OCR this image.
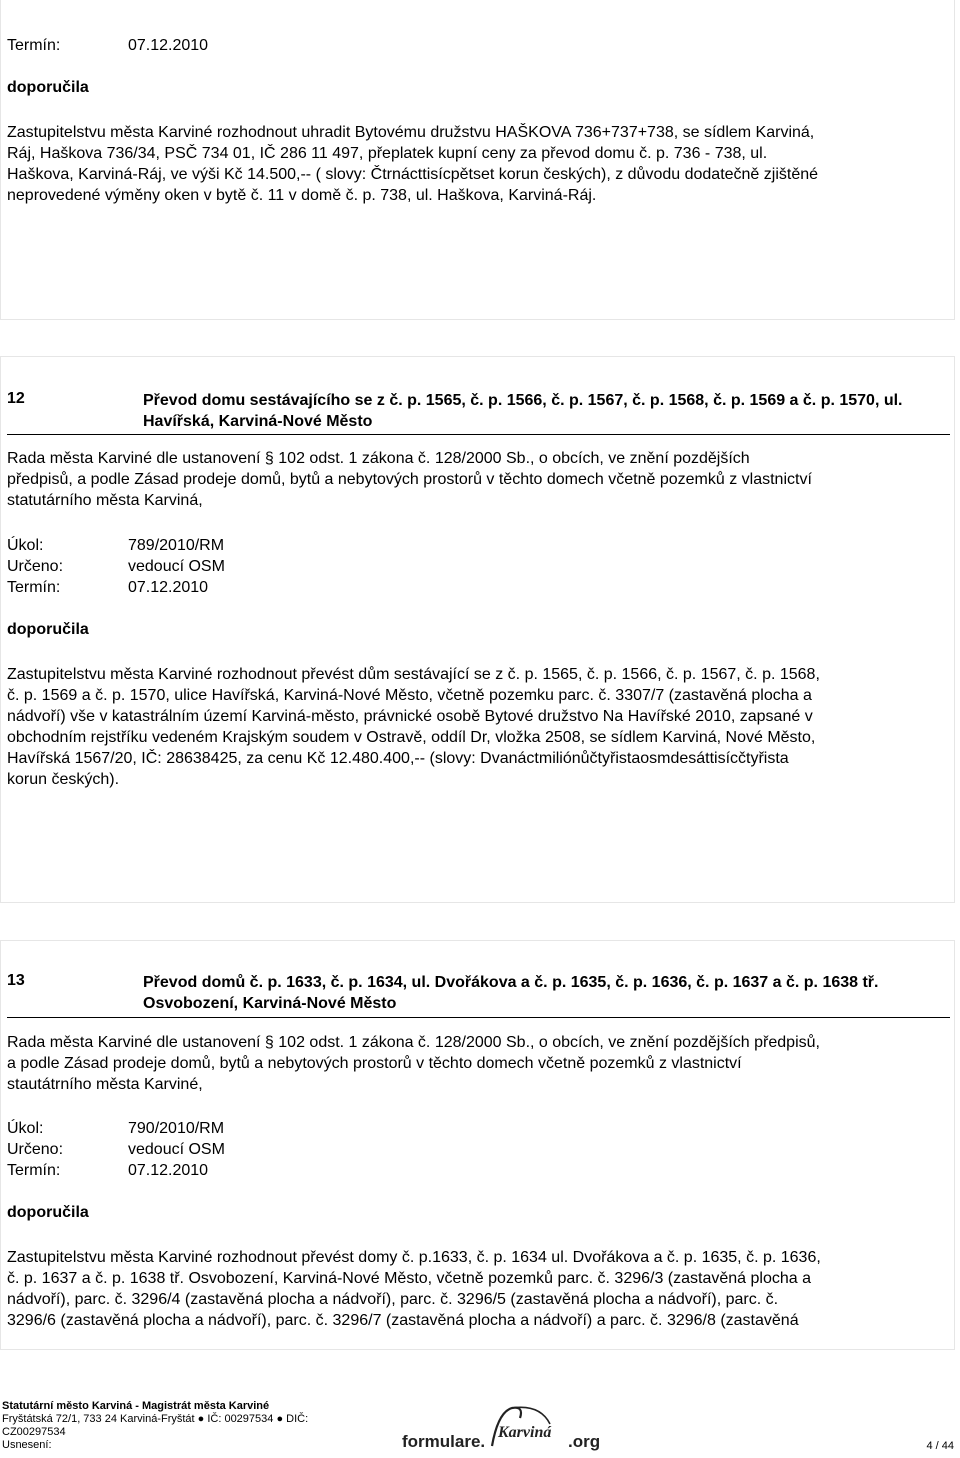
Termín:	07.12.2010
doporučila
Zastupitelstvu města Karviné rozhodnout uhradit Bytovému družstvu HAŠKOVA 736+737+738, se sídlem Karviná,
Ráj, Haškova 736/34, PSČ 734 01, IČ 286 11 497, přeplatek kupní ceny za převod domu č. p. 736 - 738, ul.
Haškova, Karviná-Ráj, ve výši Kč 14.500,-- ( slovy: Čtrnácttisícpětset korun českých), z důvodu dodatečně zjištěné
neprovedené výměny oken v bytě č. 11 v domě č. p. 738, ul. Haškova, Karviná-Ráj.
12	Převod domu sestávajícího se z č. p. 1565, č. p. 1566, č. p. 1567, č. p. 1568, č. p. 1569 a č. p. 1570, ul. Havířská, Karviná-Nové Město
Rada města Karviné dle ustanovení § 102 odst. 1 zákona č. 128/2000 Sb., o obcích, ve znění pozdějších
předpisů, a podle Zásad prodeje domů, bytů a nebytových prostorů v těchto domech včetně pozemků z vlastnictví
statutárního města Karviná,
Úkol:	789/2010/RM
Určeno:	vedoucí OSM
Termín:	07.12.2010
doporučila
Zastupitelstvu města Karviné rozhodnout převést dům sestávající se z č. p. 1565, č. p. 1566, č. p. 1567, č. p. 1568,
č. p. 1569 a č. p. 1570, ulice Havířská, Karviná-Nové Město, včetně pozemku parc. č. 3307/7 (zastavěná plocha a
nádvoří) vše v katastrálním území Karviná-město, právnické osobě Bytové družstvo Na Havířské 2010, zapsané v
obchodním rejstříku vedeném Krajským soudem v Ostravě, oddíl Dr, vložka 2508, se sídlem Karviná, Nové Město,
Havířská 1567/20, IČ: 28638425, za cenu Kč 12.480.400,-- (slovy: Dvanáctmiliónůčtyřistaosmdesáttisícčtyřista
korun českých).
13	Převod domů č. p. 1633, č. p. 1634, ul. Dvořákova a č. p. 1635, č. p. 1636, č. p. 1637 a č. p. 1638 tř. Osvobození, Karviná-Nové Město
Rada města Karviné dle ustanovení § 102 odst. 1 zákona č. 128/2000 Sb., o obcích, ve znění pozdějších předpisů,
a podle Zásad prodeje domů, bytů a nebytových prostorů v těchto domech včetně pozemků z vlastnictví
stautátrního města Karviné,
Úkol:	790/2010/RM
Určeno:	vedoucí OSM
Termín:	07.12.2010
doporučila
Zastupitelstvu města Karviné rozhodnout převést domy č. p.1633, č. p. 1634 ul. Dvořákova a č. p. 1635, č. p. 1636,
č. p. 1637 a č. p. 1638 tř. Osvobození, Karviná-Nové Město, včetně pozemků parc. č. 3296/3 (zastavěná plocha a
nádvoří), parc. č. 3296/4 (zastavěná plocha a nádvoří), parc. č. 3296/5 (zastavěná plocha a nádvoří), parc. č.
3296/6 (zastavěná plocha a nádvoří), parc. č. 3296/7 (zastavěná plocha a nádvoří) a parc. č. 3296/8 (zastavěná
Statutární město Karviná - Magistrát města Karviné
Fryštátská 72/1, 733 24 Karviná-Fryštát ● IČ: 00297534 ● DIČ:
CZ00297534
Usnesení:	formulare. Karviná .org	4 / 44
